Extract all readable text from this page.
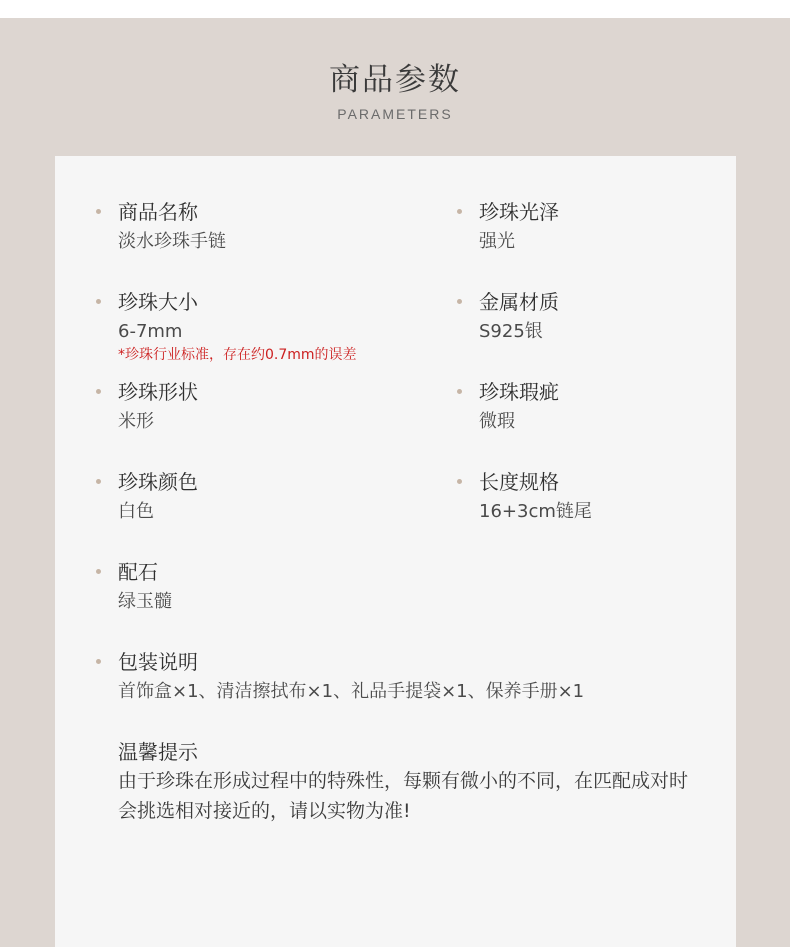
商品参数
PARAMETERS
商品名称
淡水珍珠手链
珍珠光泽
强光
珍珠大小
6-7mm
*珍珠行业标准，存在约0.7mm的误差
金属材质
S925银
珍珠形状
米形
珍珠瑕疵
微瑕
珍珠颜色
白色
长度规格
16+3cm链尾
配石
绿玉髓
包装说明
首饰盒×1、清洁擦拭布×1、礼品手提袋×1、保养手册×1
温馨提示
由于珍珠在形成过程中的特殊性，每颗有微小的不同，在匹配成对时会挑选相对接近的，请以实物为准!
